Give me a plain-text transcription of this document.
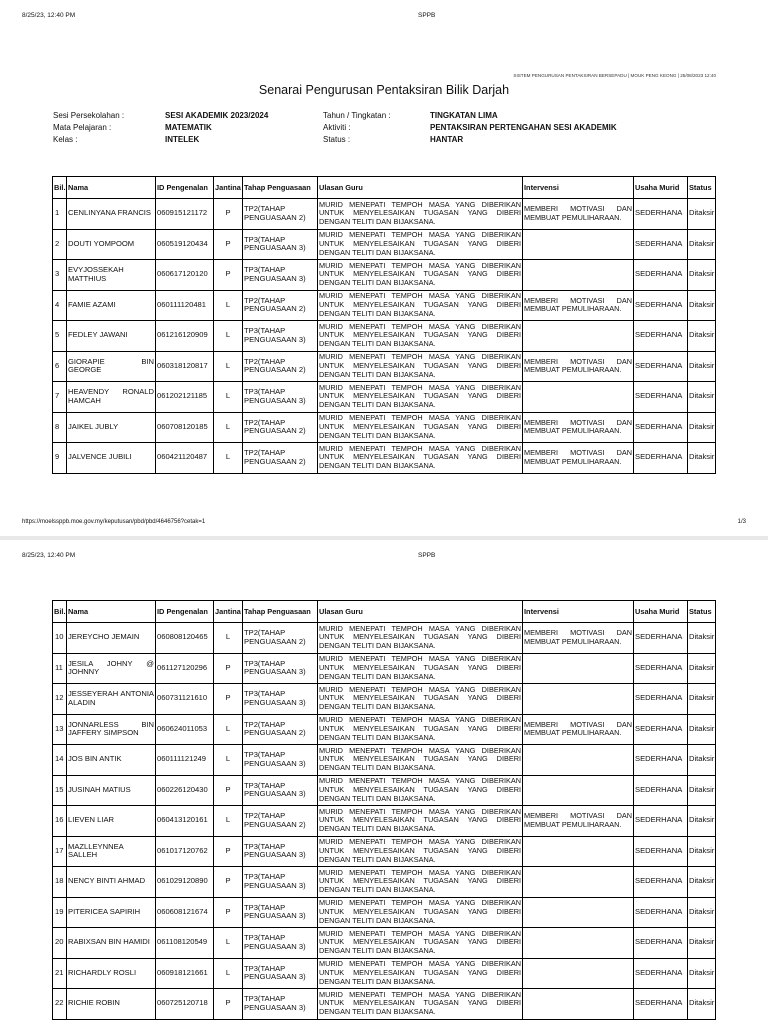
8/25/23, 12:40 PM	SPPB
SISTEM PENGURUSAN PENTAKSIRAN BERSEPADU | MOUK PENG KEONG | 25/08/2023 12:40
Senarai Pengurusan Pentaksiran Bilik Darjah
Sesi Persekolahan :	SESI AKADEMIK 2023/2024	Tahun / Tingkatan :	TINGKATAN LIMA
Mata Pelajaran :	MATEMATIK	Aktiviti :	PENTAKSIRAN PERTENGAHAN SESI AKADEMIK
Kelas :	INTELEK	Status :	HANTAR
Bil.	Nama	ID Pengenalan	Jantina	Tahap Penguasaan	Ulasan Guru	Intervensi	Usaha Murid	Status
1	CENLINYANA FRANCIS	060915121172	P	TP2(TAHAP PENGUASAAN 2)	MURID MENEPATI TEMPOH MASA YANG DIBERIKAN UNTUK MENYELESAIKAN TUGASAN YANG DIBERI DENGAN TELITI DAN BIJAKSANA.	MEMBERI MOTIVASI DAN MEMBUAT PEMULIHARAAN.	SEDERHANA	Ditaksir
2	DOUTI YOMPOOM	060519120434	P	TP3(TAHAP PENGUASAAN 3)	MURID MENEPATI TEMPOH MASA YANG DIBERIKAN UNTUK MENYELESAIKAN TUGASAN YANG DIBERI DENGAN TELITI DAN BIJAKSANA.		SEDERHANA	Ditaksir
3	EVYJOSSEKAH MATTHIUS	060617120120	P	TP3(TAHAP PENGUASAAN 3)	MURID MENEPATI TEMPOH MASA YANG DIBERIKAN UNTUK MENYELESAIKAN TUGASAN YANG DIBERI DENGAN TELITI DAN BIJAKSANA.		SEDERHANA	Ditaksir
4	FAMIE AZAMI	060111120481	L	TP2(TAHAP PENGUASAAN 2)	MURID MENEPATI TEMPOH MASA YANG DIBERIKAN UNTUK MENYELESAIKAN TUGASAN YANG DIBERI DENGAN TELITI DAN BIJAKSANA.	MEMBERI MOTIVASI DAN MEMBUAT PEMULIHARAAN.	SEDERHANA	Ditaksir
5	FEDLEY JAWANI	061216120909	L	TP3(TAHAP PENGUASAAN 3)	MURID MENEPATI TEMPOH MASA YANG DIBERIKAN UNTUK MENYELESAIKAN TUGASAN YANG DIBERI DENGAN TELITI DAN BIJAKSANA.		SEDERHANA	Ditaksir
6	GIORAPIE BIN GEORGE	060318120817	L	TP2(TAHAP PENGUASAAN 2)	MURID MENEPATI TEMPOH MASA YANG DIBERIKAN UNTUK MENYELESAIKAN TUGASAN YANG DIBERI DENGAN TELITI DAN BIJAKSANA.	MEMBERI MOTIVASI DAN MEMBUAT PEMULIHARAAN.	SEDERHANA	Ditaksir
7	HEAVENDY RONALD HAMCAH	061202121185	L	TP3(TAHAP PENGUASAAN 3)	MURID MENEPATI TEMPOH MASA YANG DIBERIKAN UNTUK MENYELESAIKAN TUGASAN YANG DIBERI DENGAN TELITI DAN BIJAKSANA.		SEDERHANA	Ditaksir
8	JAIKEL JUBLY	060708120185	L	TP2(TAHAP PENGUASAAN 2)	MURID MENEPATI TEMPOH MASA YANG DIBERIKAN UNTUK MENYELESAIKAN TUGASAN YANG DIBERI DENGAN TELITI DAN BIJAKSANA.	MEMBERI MOTIVASI DAN MEMBUAT PEMULIHARAAN.	SEDERHANA	Ditaksir
9	JALVENCE JUBILI	060421120487	L	TP2(TAHAP PENGUASAAN 2)	MURID MENEPATI TEMPOH MASA YANG DIBERIKAN UNTUK MENYELESAIKAN TUGASAN YANG DIBERI DENGAN TELITI DAN BIJAKSANA.	MEMBERI MOTIVASI DAN MEMBUAT PEMULIHARAAN.	SEDERHANA	Ditaksir
https://moelssppb.moe.gov.my/keputusan/pbd/pbd/4646756?cetak=1	1/3
8/25/23, 12:40 PM	SPPB
Bil.	Nama	ID Pengenalan	Jantina	Tahap Penguasaan	Ulasan Guru	Intervensi	Usaha Murid	Status
10	JEREYCHO JEMAIN	060808120465	L	TP2(TAHAP PENGUASAAN 2)	MURID MENEPATI TEMPOH MASA YANG DIBERIKAN UNTUK MENYELESAIKAN TUGASAN YANG DIBERI DENGAN TELITI DAN BIJAKSANA.	MEMBERI MOTIVASI DAN MEMBUAT PEMULIHARAAN.	SEDERHANA	Ditaksir
11	JESILA JOHNY @ JOHNNY	061127120296	P	TP3(TAHAP PENGUASAAN 3)	MURID MENEPATI TEMPOH MASA YANG DIBERIKAN UNTUK MENYELESAIKAN TUGASAN YANG DIBERI DENGAN TELITI DAN BIJAKSANA.		SEDERHANA	Ditaksir
12	JESSEYERAH ANTONIA ALADIN	060731121610	P	TP3(TAHAP PENGUASAAN 3)	MURID MENEPATI TEMPOH MASA YANG DIBERIKAN UNTUK MENYELESAIKAN TUGASAN YANG DIBERI DENGAN TELITI DAN BIJAKSANA.		SEDERHANA	Ditaksir
13	JONNARLESS BIN JAFFERY SIMPSON	060624011053	L	TP2(TAHAP PENGUASAAN 2)	MURID MENEPATI TEMPOH MASA YANG DIBERIKAN UNTUK MENYELESAIKAN TUGASAN YANG DIBERI DENGAN TELITI DAN BIJAKSANA.	MEMBERI MOTIVASI DAN MEMBUAT PEMULIHARAAN.	SEDERHANA	Ditaksir
14	JOS BIN ANTIK	060111121249	L	TP3(TAHAP PENGUASAAN 3)	MURID MENEPATI TEMPOH MASA YANG DIBERIKAN UNTUK MENYELESAIKAN TUGASAN YANG DIBERI DENGAN TELITI DAN BIJAKSANA.		SEDERHANA	Ditaksir
15	JUSINAH MATIUS	060226120430	P	TP3(TAHAP PENGUASAAN 3)	MURID MENEPATI TEMPOH MASA YANG DIBERIKAN UNTUK MENYELESAIKAN TUGASAN YANG DIBERI DENGAN TELITI DAN BIJAKSANA.		SEDERHANA	Ditaksir
16	LIEVEN LIAR	060413120161	L	TP2(TAHAP PENGUASAAN 2)	MURID MENEPATI TEMPOH MASA YANG DIBERIKAN UNTUK MENYELESAIKAN TUGASAN YANG DIBERI DENGAN TELITI DAN BIJAKSANA.	MEMBERI MOTIVASI DAN MEMBUAT PEMULIHARAAN.	SEDERHANA	Ditaksir
17	MAZLLEYNNEA SALLEH	061017120762	P	TP3(TAHAP PENGUASAAN 3)	MURID MENEPATI TEMPOH MASA YANG DIBERIKAN UNTUK MENYELESAIKAN TUGASAN YANG DIBERI DENGAN TELITI DAN BIJAKSANA.		SEDERHANA	Ditaksir
18	NENCY BINTI AHMAD	061029120890	P	TP3(TAHAP PENGUASAAN 3)	MURID MENEPATI TEMPOH MASA YANG DIBERIKAN UNTUK MENYELESAIKAN TUGASAN YANG DIBERI DENGAN TELITI DAN BIJAKSANA.		SEDERHANA	Ditaksir
19	PITERICEA SAPIRIH	060608121674	P	TP3(TAHAP PENGUASAAN 3)	MURID MENEPATI TEMPOH MASA YANG DIBERIKAN UNTUK MENYELESAIKAN TUGASAN YANG DIBERI DENGAN TELITI DAN BIJAKSANA.		SEDERHANA	Ditaksir
20	RABIXSAN BIN HAMIDI	061108120549	L	TP3(TAHAP PENGUASAAN 3)	MURID MENEPATI TEMPOH MASA YANG DIBERIKAN UNTUK MENYELESAIKAN TUGASAN YANG DIBERI DENGAN TELITI DAN BIJAKSANA.		SEDERHANA	Ditaksir
21	RICHARDLY ROSLI	060918121661	L	TP3(TAHAP PENGUASAAN 3)	MURID MENEPATI TEMPOH MASA YANG DIBERIKAN UNTUK MENYELESAIKAN TUGASAN YANG DIBERI DENGAN TELITI DAN BIJAKSANA.		SEDERHANA	Ditaksir
22	RICHIE ROBIN	060725120718	P	TP3(TAHAP PENGUASAAN 3)	MURID MENEPATI TEMPOH MASA YANG DIBERIKAN UNTUK MENYELESAIKAN TUGASAN YANG DIBERI DENGAN TELITI DAN BIJAKSANA.		SEDERHANA	Ditaksir
